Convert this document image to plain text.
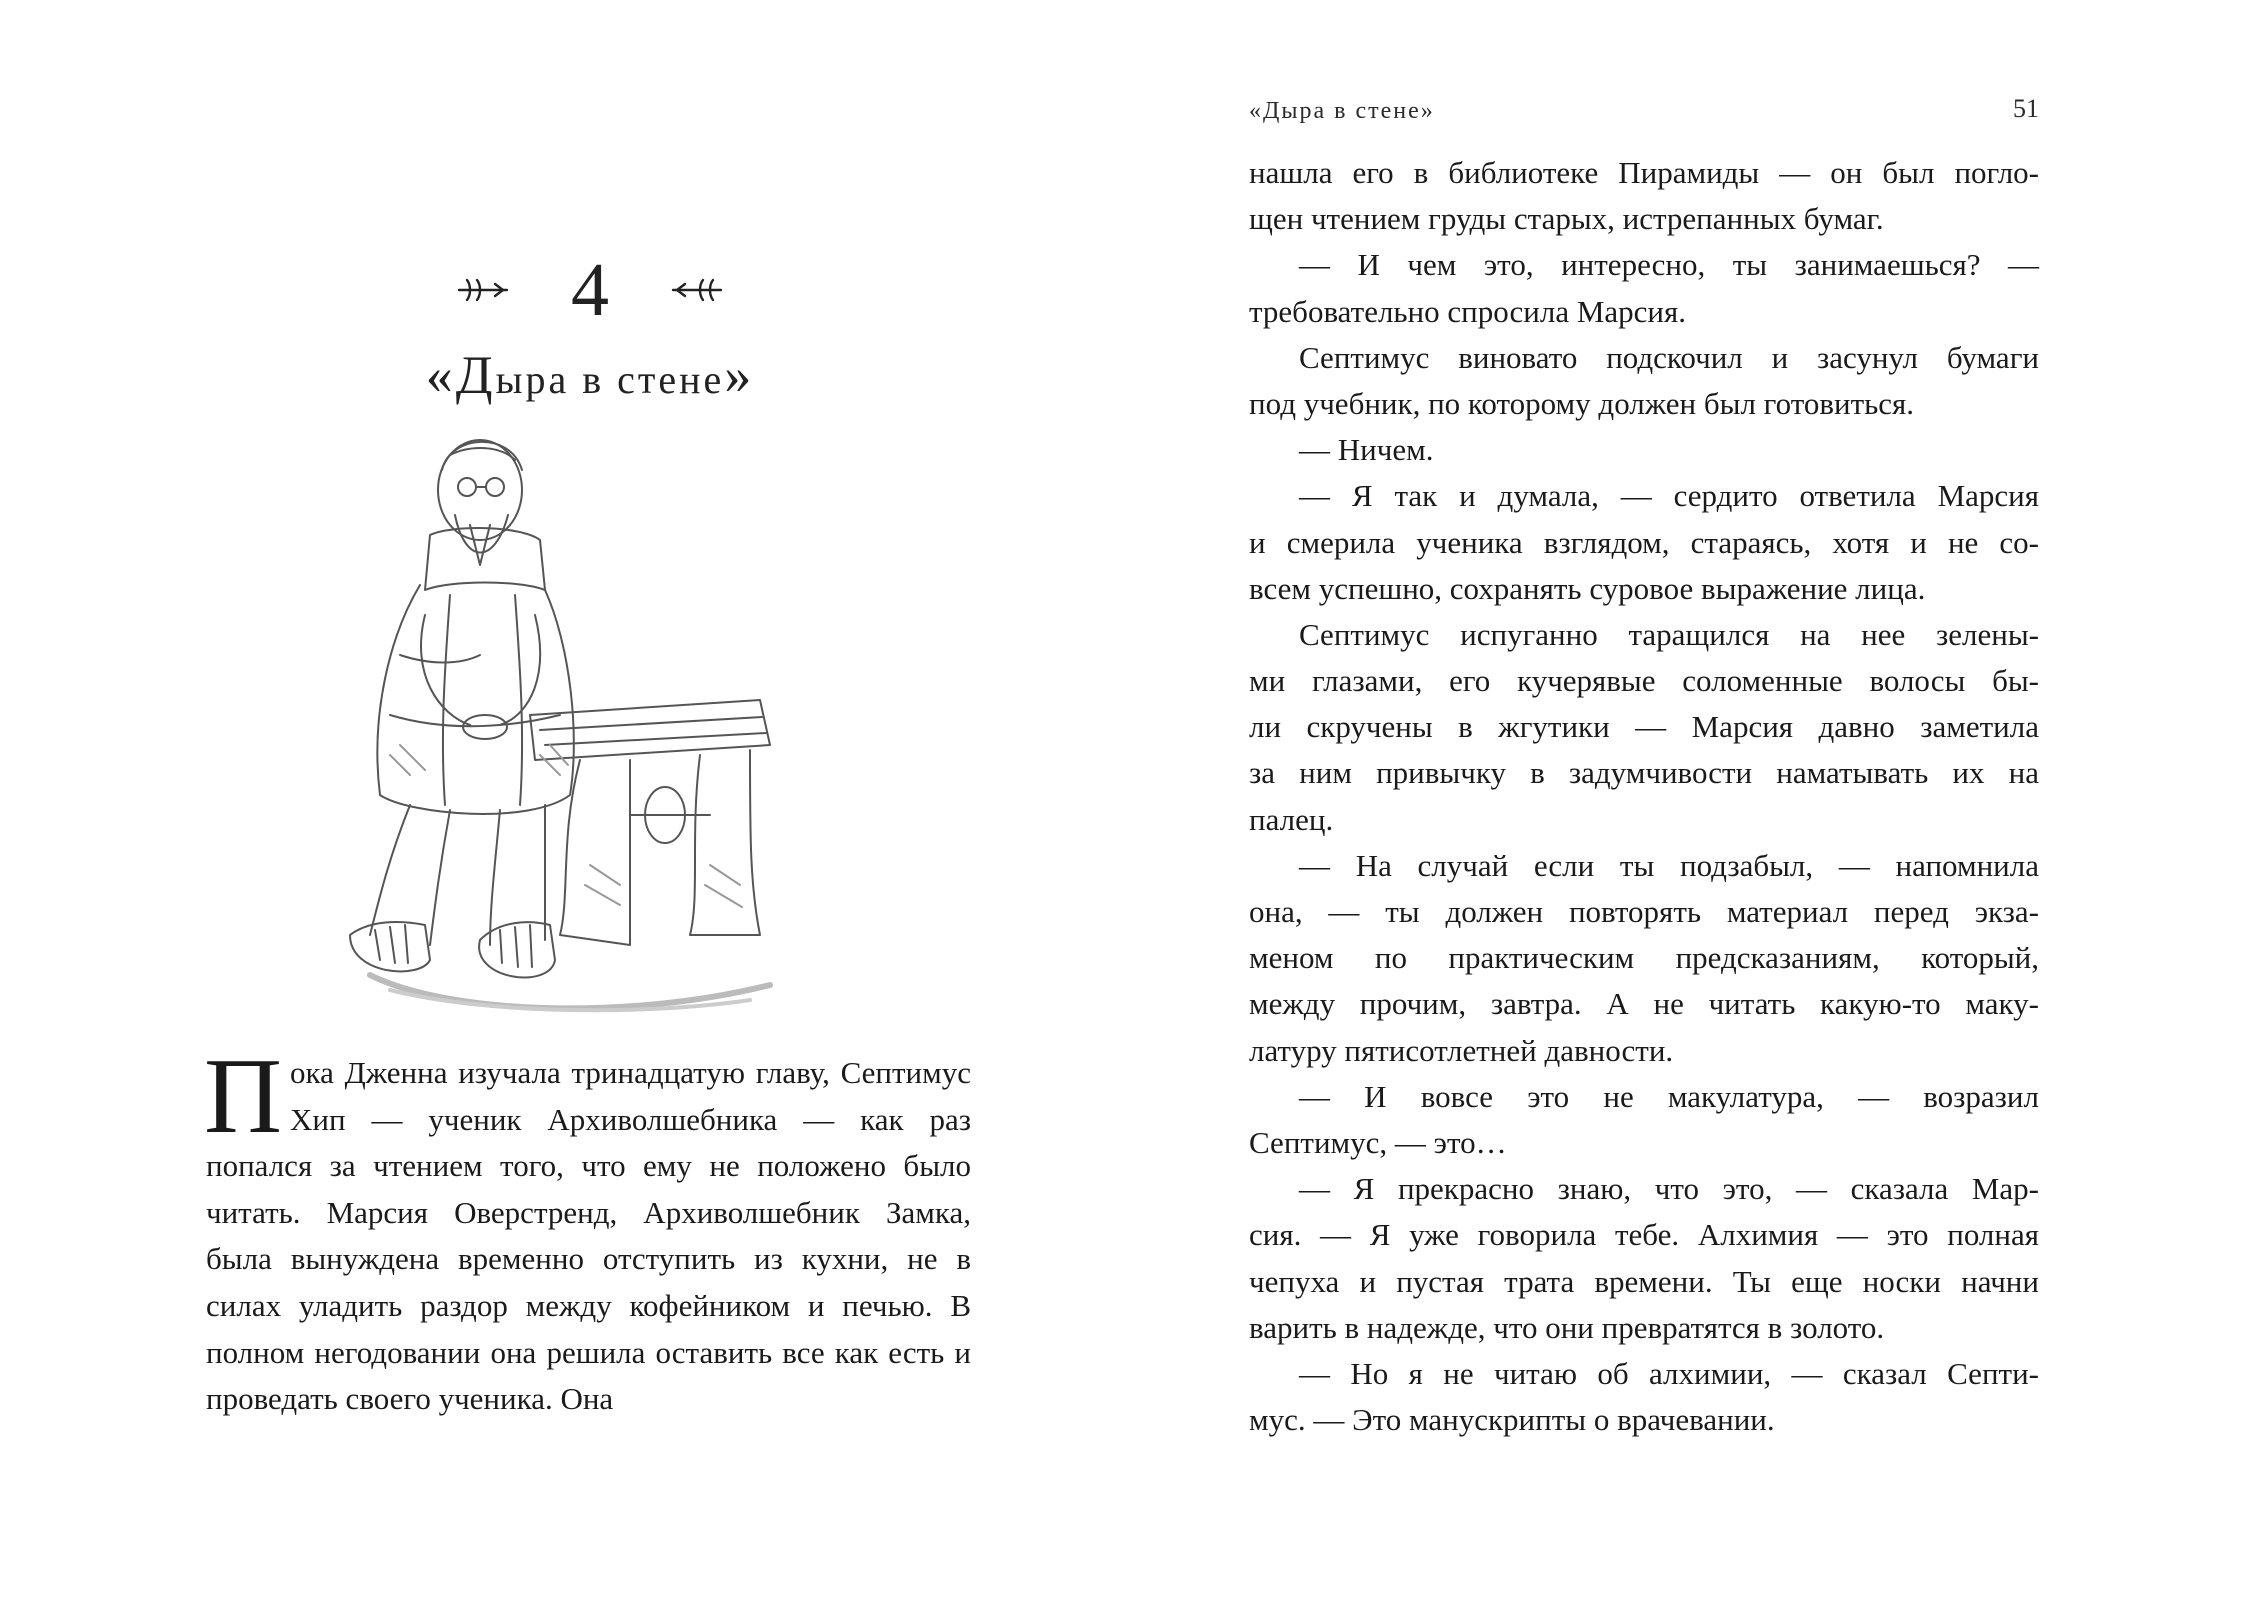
4
«Дыра в стене»
П ока Дженна изучала тринадцатую главу, Септимус Хип — ученик Архиволшебника — как раз попался за чтением того, что ему не положено было читать. Марсия Оверстренд, Архиволшебник Замка, была вынуждена временно отступить из кухни, не в силах уладить раздор между кофейником и печью. В полном негодовании она решила оставить все как есть и проведать своего ученика. Она

«Дыра в стене»	51
нашла его в библиотеке Пирамиды — он был погло-
щен чтением груды старых, истрепанных бумаг.
— И чем это, интересно, ты занимаешься? —
требовательно спросила Марсия.
Септимус виновато подскочил и засунул бумаги
под учебник, по которому должен был готовиться.
— Ничем.
— Я так и думала, — сердито ответила Марсия
и смерила ученика взглядом, стараясь, хотя и не со-
всем успешно, сохранять суровое выражение лица.
Септимус испуганно таращился на нее зелены-
ми глазами, его кучерявые соломенные волосы бы-
ли скручены в жгутики — Марсия давно заметила
за ним привычку в задумчивости наматывать их на
палец.
— На случай если ты подзабыл, — напомнила
она, — ты должен повторять материал перед экза-
меном по практическим предсказаниям, который,
между прочим, завтра. А не читать какую-то маку-
латуру пятисотлетней давности.
— И вовсе это не макулатура, — возразил
Септимус, — это…
— Я прекрасно знаю, что это, — сказала Мар-
сия. — Я уже говорила тебе. Алхимия — это полная
чепуха и пустая трата времени. Ты еще носки начни
варить в надежде, что они превратятся в золото.
— Но я не читаю об алхимии, — сказал Септи-
мус. — Это манускрипты о врачевании.
